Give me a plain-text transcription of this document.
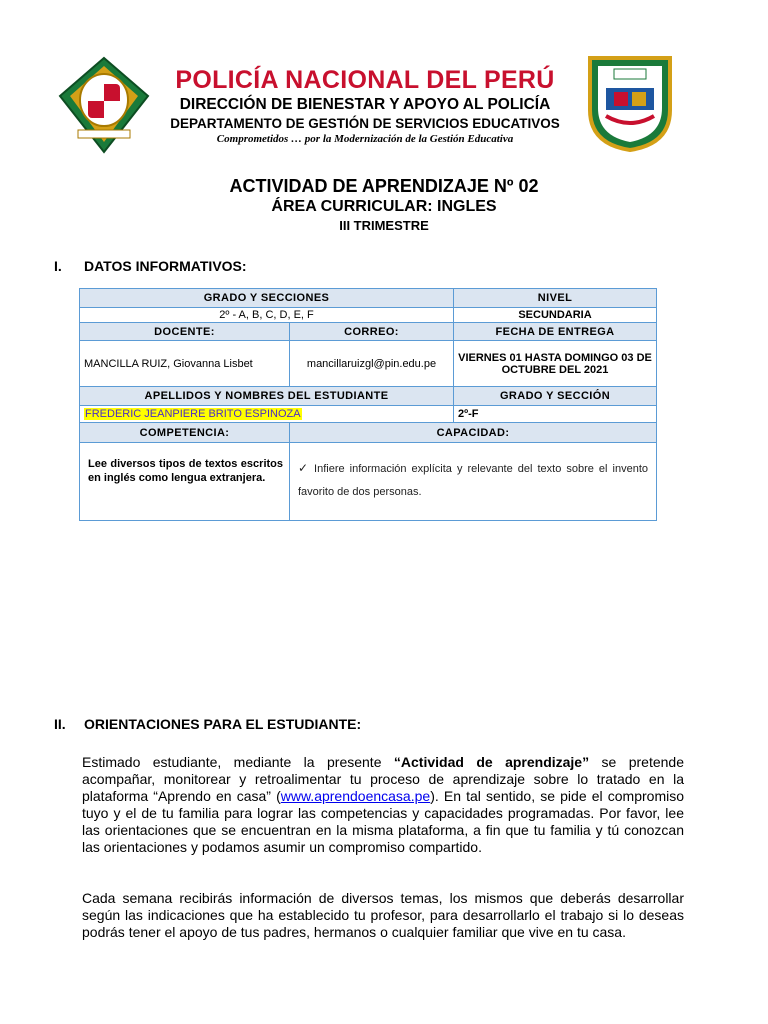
POLICÍA NACIONAL DEL PERÚ
DIRECCIÓN DE BIENESTAR Y APOYO AL POLICÍA
DEPARTAMENTO DE GESTIÓN DE SERVICIOS EDUCATIVOS
Comprometidos … por la Modernización de la Gestión Educativa
ACTIVIDAD DE APRENDIZAJE Nº 02
ÁREA CURRICULAR: INGLES
III TRIMESTRE
I. DATOS INFORMATIVOS:
GRADO Y SECCIONES		NIVEL
2º - A, B, C, D, E, F		SECUNDARIA
DOCENTE:	CORREO:	FECHA DE ENTREGA
MANCILLA RUIZ, Giovanna Lisbet	mancillaruizgl@pin.edu.pe	VIERNES 01 HASTA DOMINGO 03 DE OCTUBRE DEL 2021
APELLIDOS Y NOMBRES DEL ESTUDIANTE		GRADO Y SECCIÓN
FREDERIC JEANPIERE BRITO ESPINOZA		2º-F
COMPETENCIA:	CAPACIDAD:	
Lee diversos tipos de textos escritos en inglés como lengua extranjera.	✓ Infiere información explícita y relevante del texto sobre el invento favorito de dos personas.	
II. ORIENTACIONES PARA EL ESTUDIANTE:
Estimado estudiante, mediante la presente “Actividad de aprendizaje” se pretende acompañar, monitorear y retroalimentar tu proceso de aprendizaje sobre lo tratado en la plataforma “Aprendo en casa” (www.aprendoencasa.pe). En tal sentido, se pide el compromiso tuyo y el de tu familia para lograr las competencias y capacidades programadas. Por favor, lee las orientaciones que se encuentran en la misma plataforma, a fin que tu familia y tú conozcan las orientaciones y podamos asumir un compromiso compartido.
Cada semana recibirás información de diversos temas, los mismos que deberás desarrollar según las indicaciones que ha establecido tu profesor, para desarrollarlo el trabajo si lo deseas podrás tener el apoyo de tus padres, hermanos o cualquier familiar que vive en tu casa.
